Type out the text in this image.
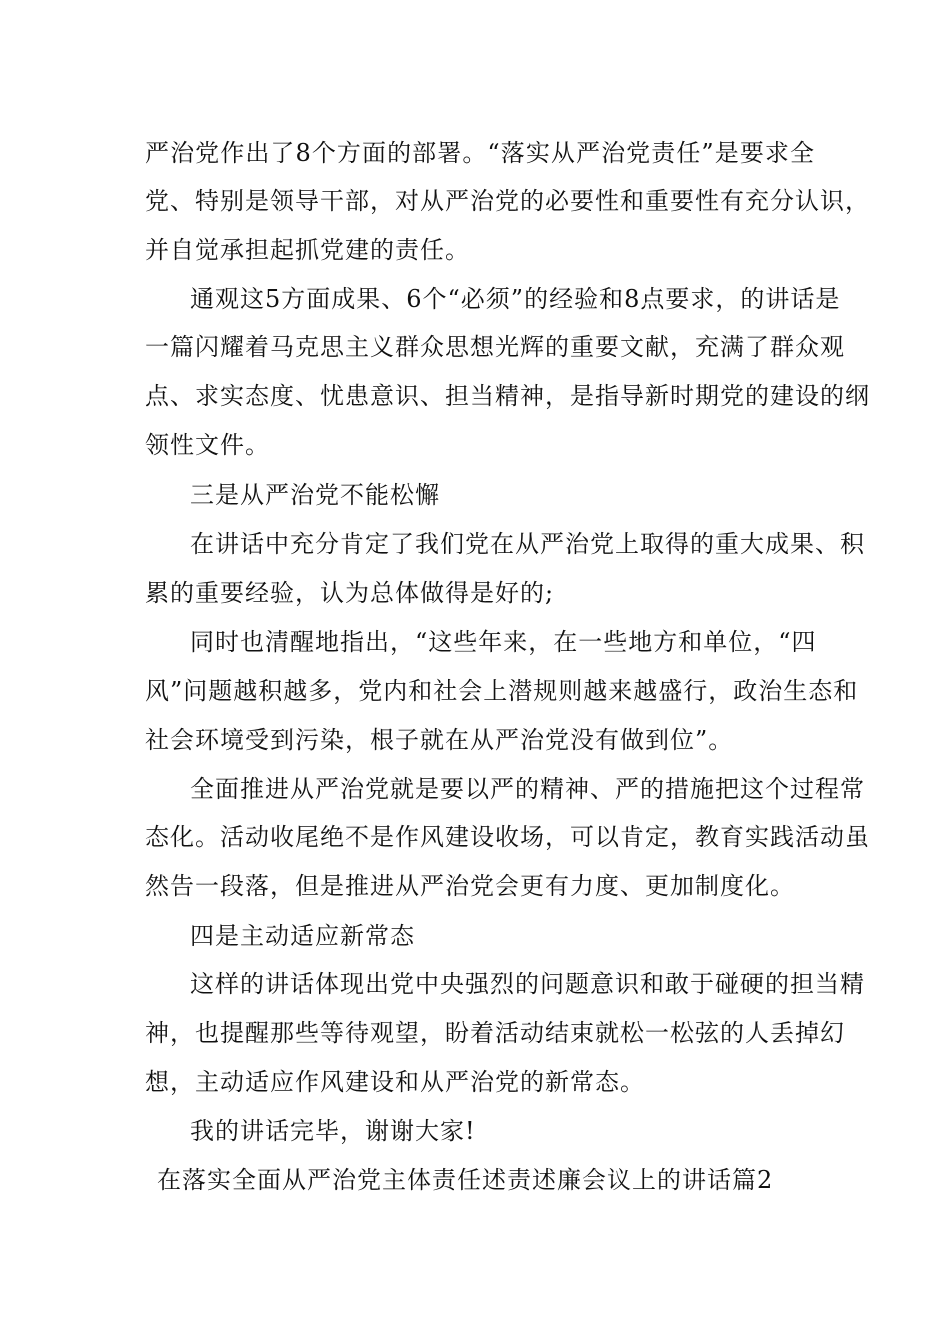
严治党作出了8个方面的部署。“落实从严治党责任”是要求全
党、特别是领导干部，对从严治党的必要性和重要性有充分认识，
并自觉承担起抓党建的责任。
通观这5方面成果、6个“必须”的经验和8点要求，的讲话是
一篇闪耀着马克思主义群众思想光辉的重要文献，充满了群众观
点、求实态度、忧患意识、担当精神，是指导新时期党的建设的纲
领性文件。
三是从严治党不能松懈
在讲话中充分肯定了我们党在从严治党上取得的重大成果、积
累的重要经验，认为总体做得是好的;
同时也清醒地指出，“这些年来，在一些地方和单位，“四
风”问题越积越多，党内和社会上潜规则越来越盛行，政治生态和
社会环境受到污染，根子就在从严治党没有做到位”。
全面推进从严治党就是要以严的精神、严的措施把这个过程常
态化。活动收尾绝不是作风建设收场，可以肯定，教育实践活动虽
然告一段落，但是推进从严治党会更有力度、更加制度化。
四是主动适应新常态
这样的讲话体现出党中央强烈的问题意识和敢于碰硬的担当精
神，也提醒那些等待观望，盼着活动结束就松一松弦的人丢掉幻
想，主动适应作风建设和从严治党的新常态。
我的讲话完毕，谢谢大家!
在落实全面从严治党主体责任述责述廉会议上的讲话篇2
